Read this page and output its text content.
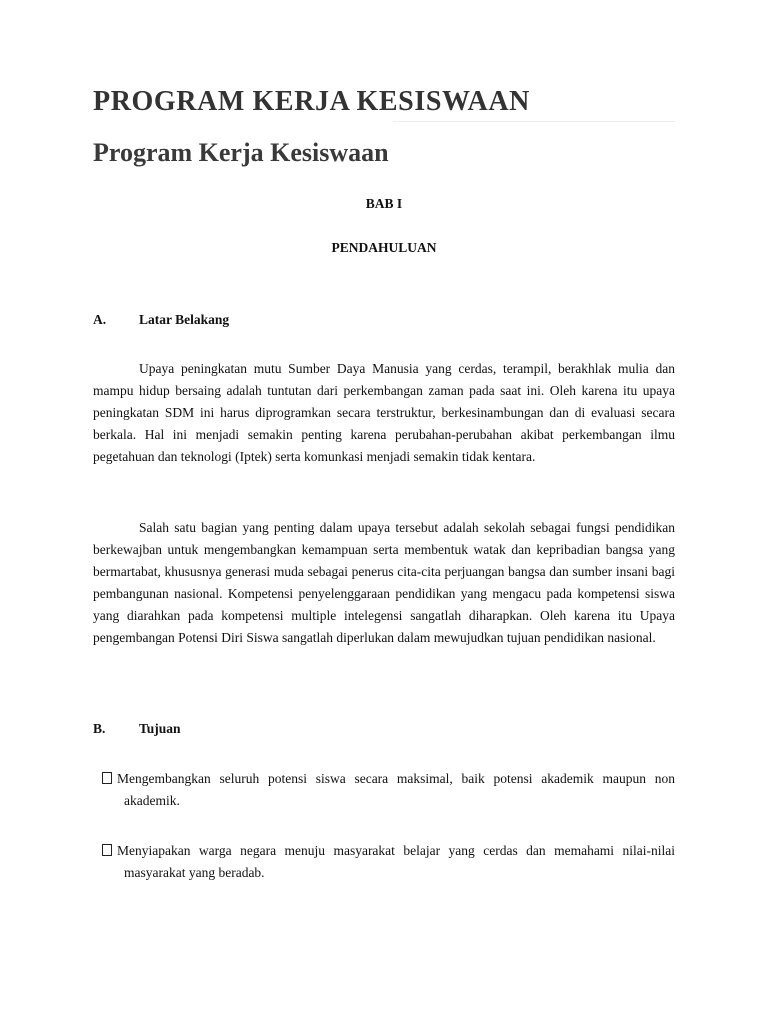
PROGRAM KERJA KESISWAAN
Program Kerja Kesiswaan

BAB I

PENDAHULUAN

A. Latar Belakang

Upaya peningkatan mutu Sumber Daya Manusia yang cerdas, terampil, berakhlak mulia dan mampu hidup bersaing adalah tuntutan dari perkembangan zaman pada saat ini. Oleh karena itu upaya peningkatan SDM ini harus diprogramkan secara terstruktur, berkesinambungan dan di evaluasi secara berkala. Hal ini menjadi semakin penting karena perubahan-perubahan akibat perkembangan ilmu pegetahuan dan teknologi (Iptek) serta komunkasi menjadi semakin tidak kentara.

Salah satu bagian yang penting dalam upaya tersebut adalah sekolah sebagai fungsi pendidikan berkewajban untuk mengembangkan kemampuan serta membentuk watak dan kepribadian bangsa yang bermartabat, khususnya generasi muda sebagai penerus cita-cita perjuangan bangsa dan sumber insani bagi pembangunan nasional. Kompetensi penyelenggaraan pendidikan yang mengacu pada kompetensi siswa yang diarahkan pada kompetensi multiple intelegensi sangatlah diharapkan. Oleh karena itu Upaya pengembangan Potensi Diri Siswa sangatlah diperlukan dalam mewujudkan tujuan pendidikan nasional.

B. Tujuan

Mengembangkan seluruh potensi siswa secara maksimal, baik potensi akademik maupun non akademik.

Menyiapakan warga negara menuju masyarakat belajar yang cerdas dan memahami nilai-nilai masyarakat yang beradab.
